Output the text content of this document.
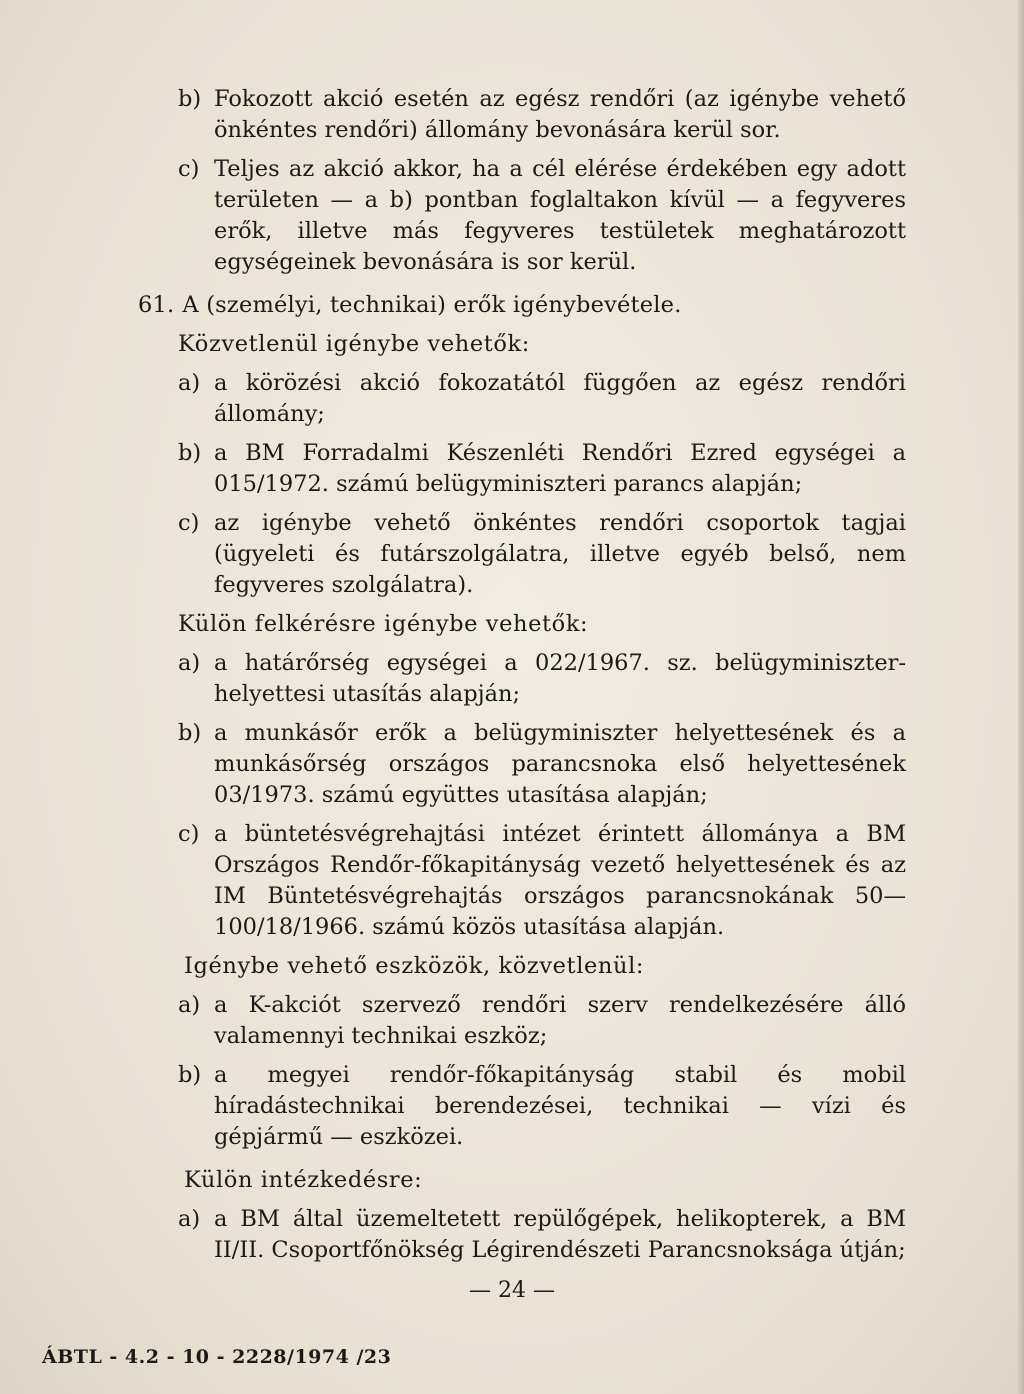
b) Fokozott akció esetén az egész rendőri (az igénybe vehető önkéntes rendőri) állomány bevonására kerül sor.
c) Teljes az akció akkor, ha a cél elérése érdekében egy adott területen — a b) pontban foglaltakon kívül — a fegyveres erők, illetve más fegyveres testületek meghatározott egységeinek bevonására is sor kerül.
61. A (személyi, technikai) erők igénybevétele.
Közvetlenül igénybe vehetők:
a) a körözési akció fokozatától függően az egész rendőri állomány;
b) a BM Forradalmi Készenléti Rendőri Ezred egységei a 015/1972. számú belügyminiszteri parancs alapján;
c) az igénybe vehető önkéntes rendőri csoportok tagjai (ügyeleti és futárszolgálatra, illetve egyéb belső, nem fegyveres szolgálatra).
Külön felkérésre igénybe vehetők:
a) a határőrség egységei a 022/1967. sz. belügyminiszter-helyettesi utasítás alapján;
b) a munkásőr erők a belügyminiszter helyettesének és a munkásőrség országos parancsnoka első helyettesének 03/1973. számú együttes utasítása alapján;
c) a büntetésvégrehajtási intézet érintett állománya a BM Országos Rendőr-főkapitányság vezető helyettesének és az IM Büntetésvégrehajtás országos parancsnokának 50—100/18/1966. számú közös utasítása alapján.
Igénybe vehető eszközök, közvetlenül:
a) a K-akciót szervező rendőri szerv rendelkezésére álló valamennyi technikai eszköz;
b) a megyei rendőr-főkapitányság stabil és mobil híradástechnikai berendezései, technikai — vízi és gépjármű — eszközei.
Külön intézkedésre:
a) a BM által üzemeltetett repülőgépek, helikopterek, a BM II/II. Csoportfőnökség Légirendészeti Parancsnoksága útján;
— 24 —
ÁBTL - 4.2 - 10 - 2228/1974 /23
